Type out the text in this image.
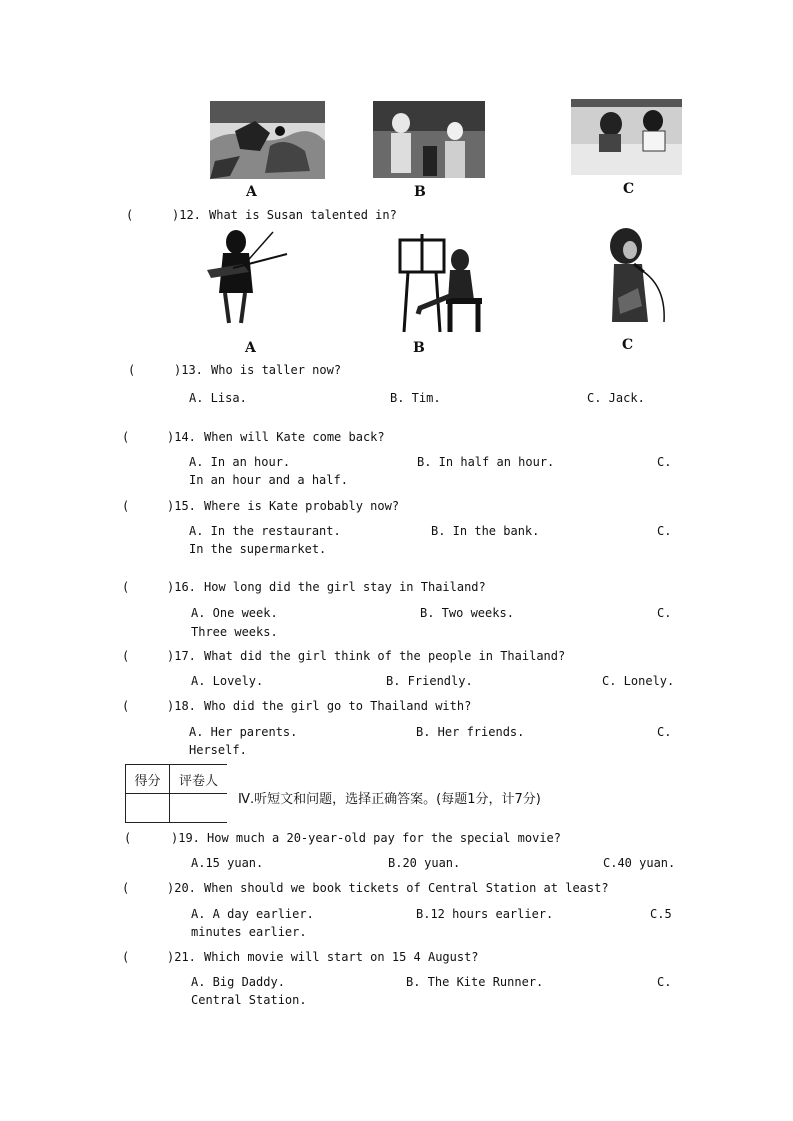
A	B	C
(	)12. What is Susan talented in?
A	B	C
(	)13. Who is taller now?
A. Lisa.	B. Tim.	C. Jack.
(	)14. When will Kate come back?
A. In an hour.	B. In half an hour.	C.
In an hour and a half.
(	)15. Where is Kate probably now?
A. In the restaurant.	B. In the bank.	C.
In the supermarket.
(	)16. How long did the girl stay in Thailand?
A. One week.	B. Two weeks.	C.
Three weeks.
(	)17. What did the girl think of the people in Thailand?
A. Lovely.	B. Friendly.	C. Lonely.
(	)18. Who did the girl go to Thailand with?
A. Her parents.	B. Her friends.	C.
Herself.
得分	评卷人

Ⅳ.听短文和问题，选择正确答案。(每题1分，计7分)
(	)19. How much a 20-year-old pay for the special movie?
A.15 yuan.	B.20 yuan.	C.40 yuan.
(	)20. When should we book tickets of Central Station at least?
A. A day earlier.	B.12 hours earlier.	C.5
minutes earlier.
(	)21. Which movie will start on 15 4 August?
A. Big Daddy.	B. The Kite Runner.	C.
Central Station.
